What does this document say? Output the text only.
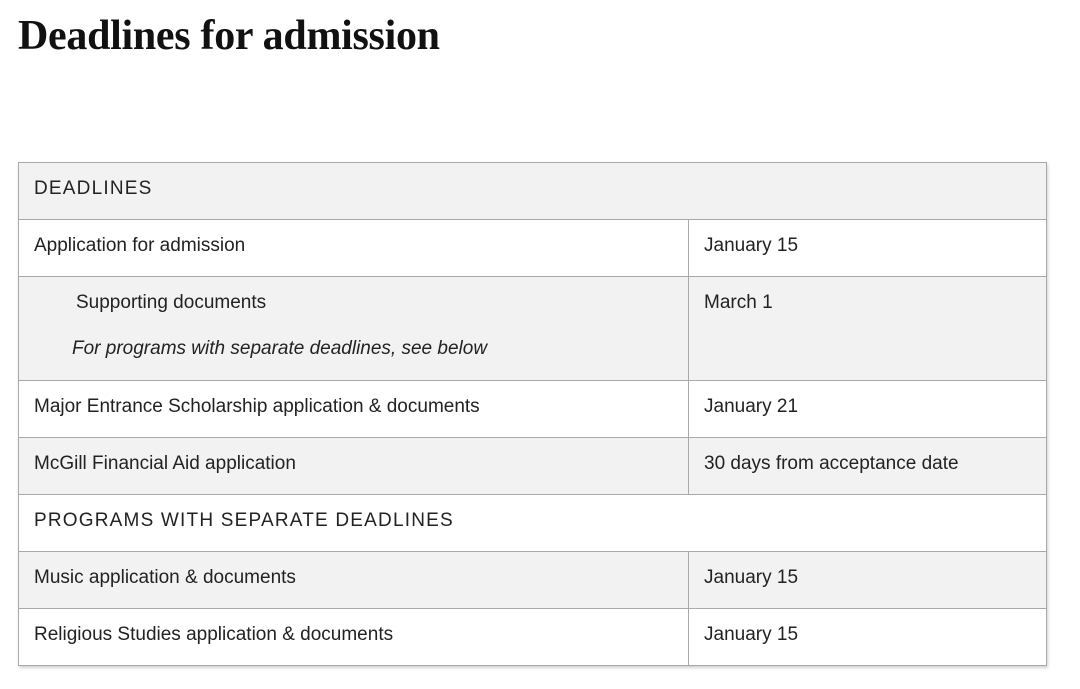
Deadlines for admission
DEADLINES	
Application for admission	January 15

Supporting documents
For programs with separate deadlines, see below	March 1
Major Entrance Scholarship application & documents	January 21
McGill Financial Aid application	30 days from acceptance date
PROGRAMS WITH SEPARATE DEADLINES	
Music application & documents	January 15
Religious Studies application & documents	January 15
